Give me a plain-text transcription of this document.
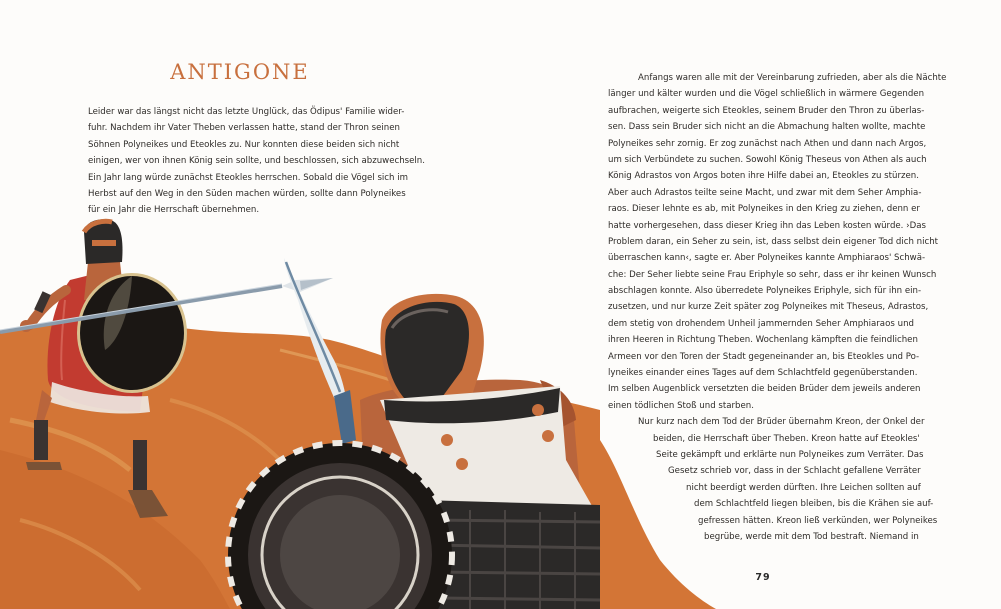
ANTIGONE
Leider war das längst nicht das letzte Unglück, das Ödipus' Familie wider-
fuhr. Nachdem ihr Vater Theben verlassen hatte, stand der Thron seinen
Söhnen Polyneikes und Eteokles zu. Nur konnten diese beiden sich nicht
einigen, wer von ihnen König sein sollte, und beschlossen, sich abzuwechseln.
Ein Jahr lang würde zunächst Eteokles herrschen. Sobald die Vögel sich im
Herbst auf den Weg in den Süden machen würden, sollte dann Polyneikes
für ein Jahr die Herrschaft übernehmen.
Anfangs waren alle mit der Vereinbarung zufrieden, aber als die Nächte
länger und kälter wurden und die Vögel schließlich in wärmere Gegenden
aufbrachen, weigerte sich Eteokles, seinem Bruder den Thron zu überlas-
sen. Dass sein Bruder sich nicht an die Abmachung halten wollte, machte
Polyneikes sehr zornig. Er zog zunächst nach Athen und dann nach Argos,
um sich Verbündete zu suchen. Sowohl König Theseus von Athen als auch
König Adrastos von Argos boten ihre Hilfe dabei an, Eteokles zu stürzen.
Aber auch Adrastos teilte seine Macht, und zwar mit dem Seher Amphia-
raos. Dieser lehnte es ab, mit Polyneikes in den Krieg zu ziehen, denn er
hatte vorhergesehen, dass dieser Krieg ihn das Leben kosten würde. ›Das
Problem daran, ein Seher zu sein, ist, dass selbst dein eigener Tod dich nicht
überraschen kann‹, sagte er. Aber Polyneikes kannte Amphiaraos' Schwä-
che: Der Seher liebte seine Frau Eriphyle so sehr, dass er ihr keinen Wunsch
abschlagen konnte. Also überredete Polyneikes Eriphyle, sich für ihn ein-
zusetzen, und nur kurze Zeit später zog Polyneikes mit Theseus, Adrastos,
dem stetig von drohendem Unheil jammernden Seher Amphiaraos und
ihren Heeren in Richtung Theben. Wochenlang kämpften die feindlichen
Armeen vor den Toren der Stadt gegeneinander an, bis Eteokles und Po-
lyneikes einander eines Tages auf dem Schlachtfeld gegenüberstanden.
Im selben Augenblick versetzten die beiden Brüder dem jeweils anderen
einen tödlichen Stoß und starben.
Nur kurz nach dem Tod der Brüder übernahm Kreon, der Onkel der
beiden, die Herrschaft über Theben. Kreon hatte auf Eteokles'
Seite gekämpft und erklärte nun Polyneikes zum Verräter. Das
Gesetz schrieb vor, dass in der Schlacht gefallene Verräter
nicht beerdigt werden dürften. Ihre Leichen sollten auf
dem Schlachtfeld liegen bleiben, bis die Krähen sie auf-
gefressen hätten. Kreon ließ verkünden, wer Polyneikes
begrübe, werde mit dem Tod bestraft. Niemand in
79
